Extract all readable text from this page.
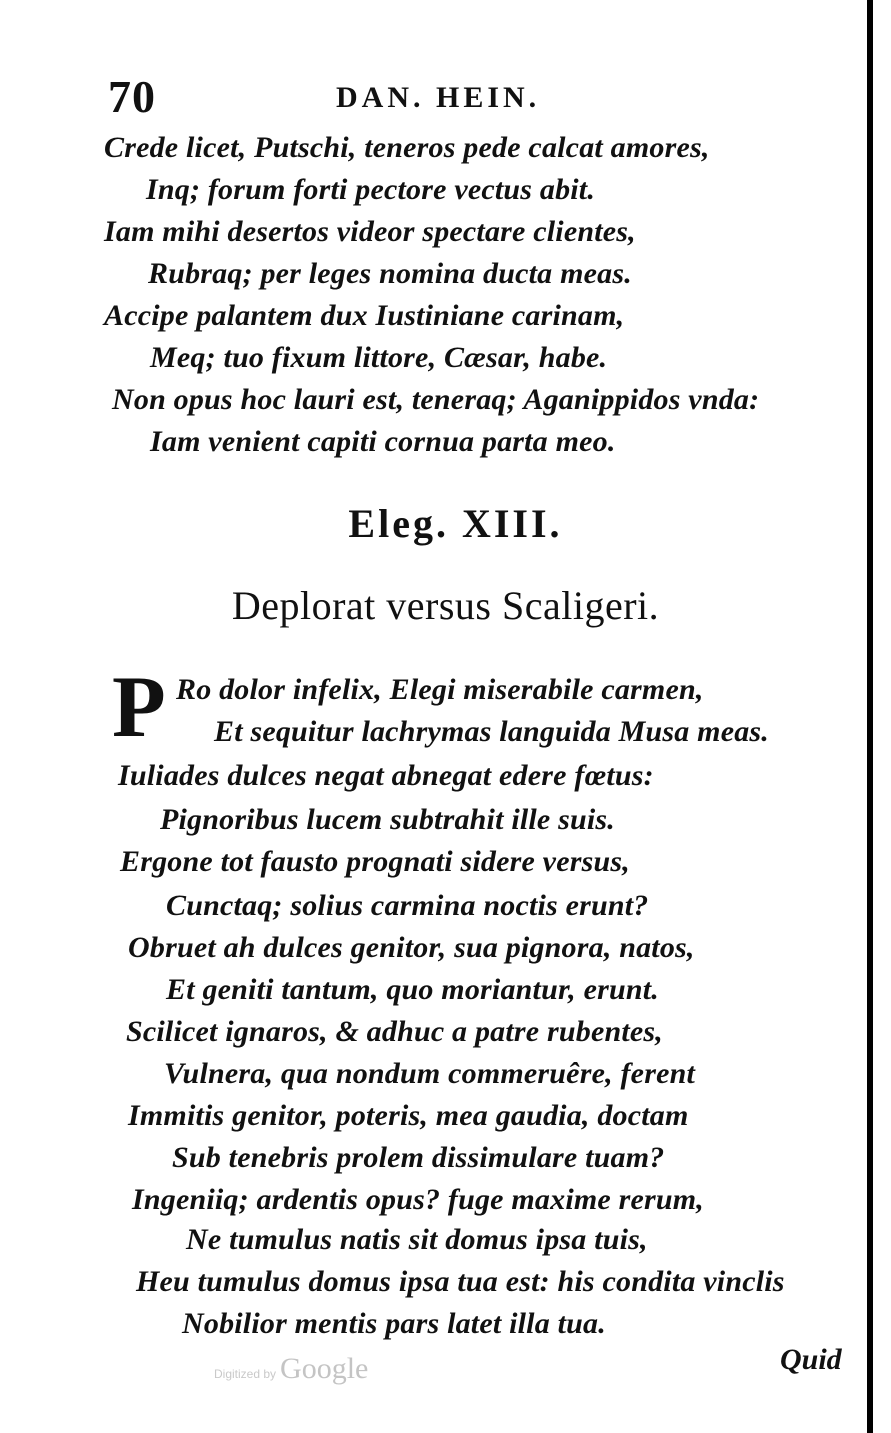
70	DAN. HEIN.

Crede licet, Putschi, teneros pede calcat amores,

Inq; forum forti pectore vectus abit.

Iam mihi desertos videor spectare clientes,

Rubraq; per leges nomina ducta meas.

Accipe palantem dux Iustiniane carinam,

Meq; tuo fixum littore, Cæsar, habe.

Non opus hoc lauri est, teneraq; Aganippidos vnda:

Iam venient capiti cornua parta meo.

Eleg. XIII.

Deplorat versus Scaligeri.

P Ro dolor infelix, Elegi miserabile carmen,

Et sequitur lachrymas languida Musa meas.

Iuliades dulces negat abnegat edere fœtus:

Pignoribus lucem subtrahit ille suis.

Ergone tot fausto prognati sidere versus,

Cunctaq; solius carmina noctis erunt?

Obruet ah dulces genitor, sua pignora, natos,

Et geniti tantum, quo moriantur, erunt.

Scilicet ignaros, & adhuc a patre rubentes,

Vulnera, qua nondum commeruêre, ferent

Immitis genitor, poteris, mea gaudia, doctam

Sub tenebris prolem dissimulare tuam?

Ingeniiq; ardentis opus? fuge maxime rerum,

Ne tumulus natis sit domus ipsa tuis,

Heu tumulus domus ipsa tua est: his condita vinclis

Nobilior mentis pars latet illa tua.

Quid
Digitized by Google
